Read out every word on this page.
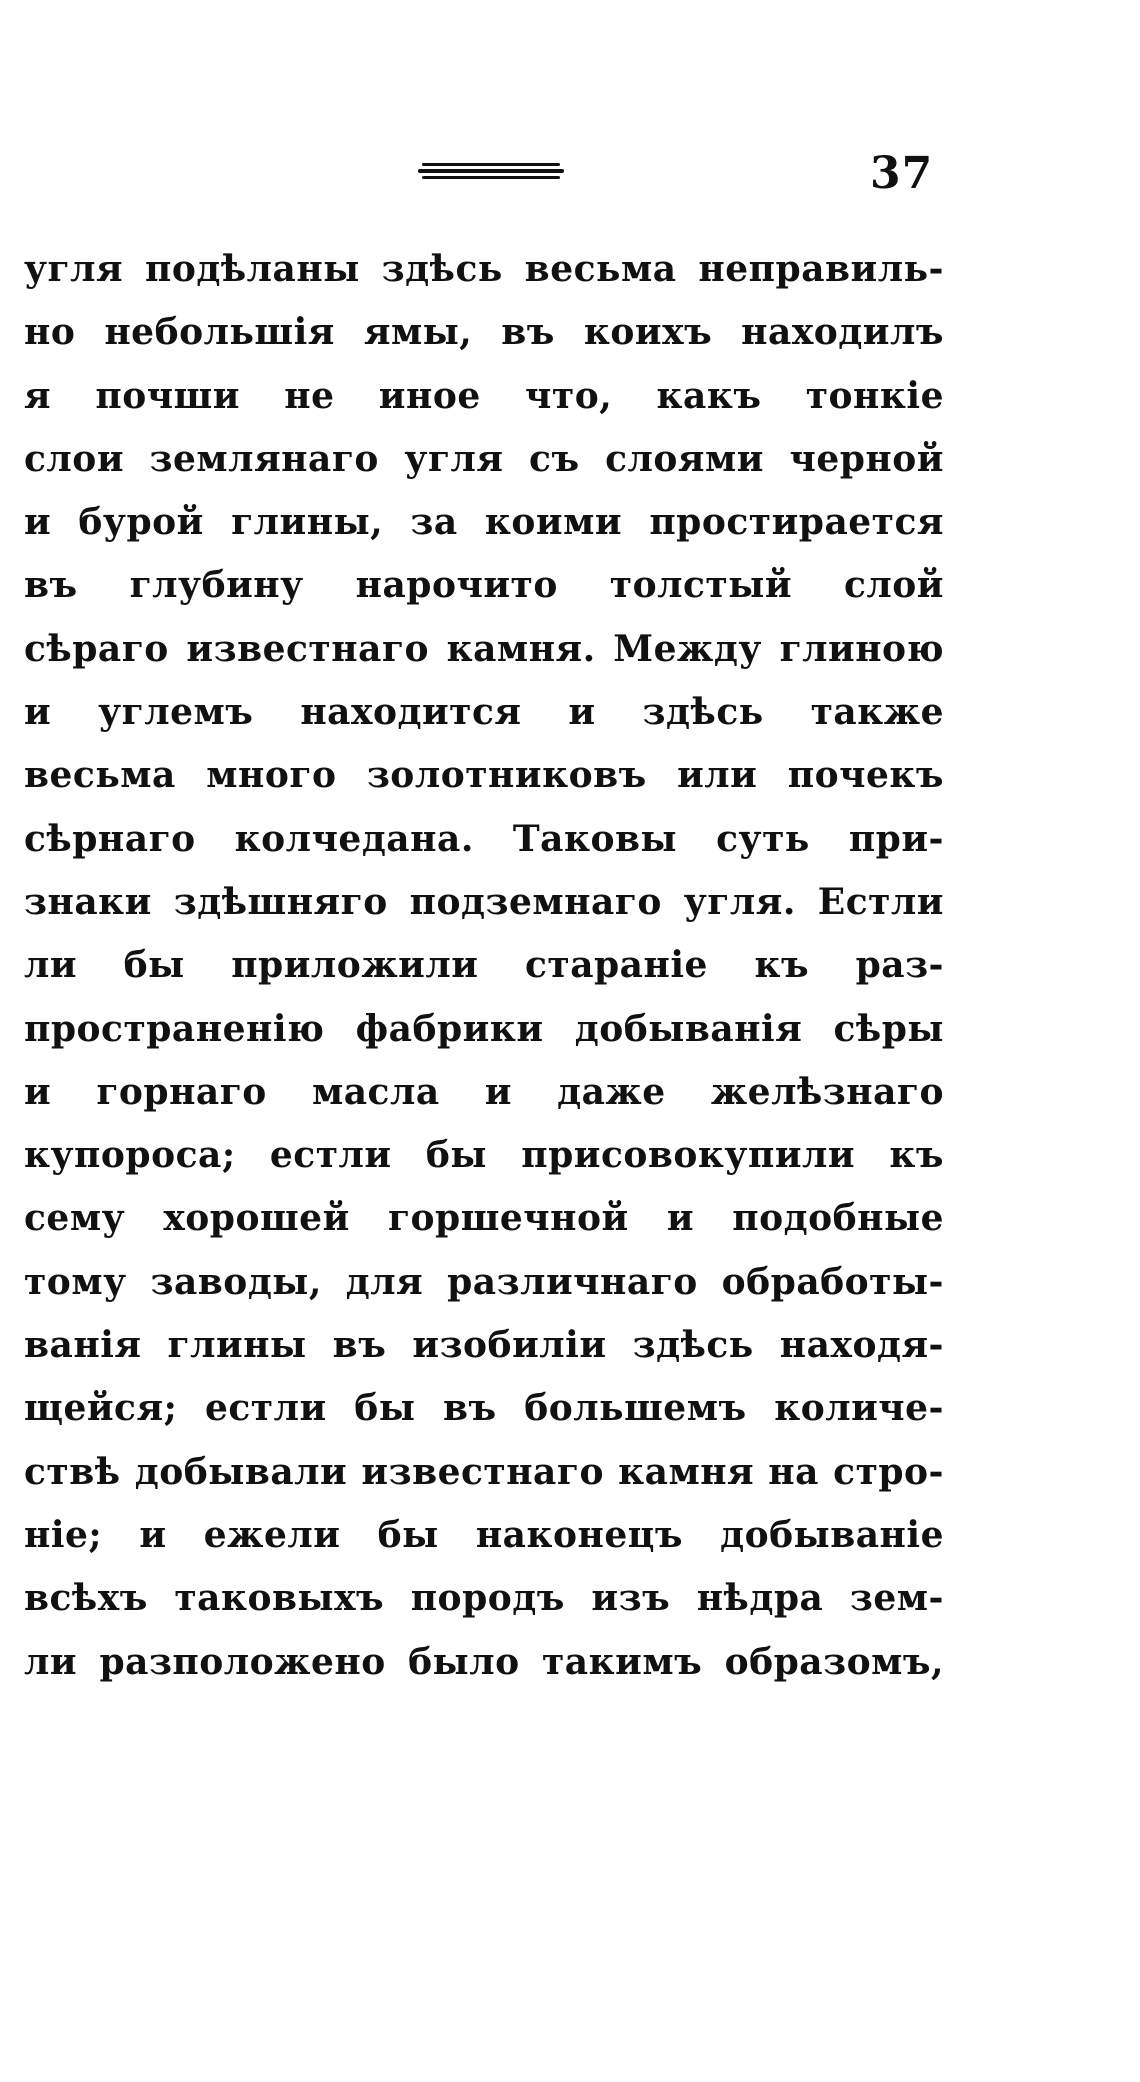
37
угля подѣланы здѣсь весьма неправиль-
но небольшія ямы, въ коихъ находилъ
я почши не иное что, какъ тонкіе
слои землянаго угля съ слоями черной
и бурой глины, за коими простирается
въ глубину нарочито толстый слой
сѣраго известнаго камня. Между глиною
и углемъ находится и здѣсь также
весьма много золотниковъ или почекъ
сѣрнаго колчедана. Таковы суть при-
знаки здѣшняго подземнаго угля. Естли
ли бы приложили стараніе къ раз-
пространенію фабрики добыванія сѣры
и горнаго масла и даже желѣзнаго
купороса; естли бы присовокупили къ
сему хорошей горшечной и подобные
тому заводы, для различнаго обработы-
ванія глины въ изобиліи здѣсь находя-
щейся; естли бы въ большемъ количе-
ствѣ добывали известнаго камня на стро-
ніе; и ежели бы наконецъ добываніе
всѣхъ таковыхъ породъ изъ нѣдра зем-
ли разположено было такимъ образомъ,
